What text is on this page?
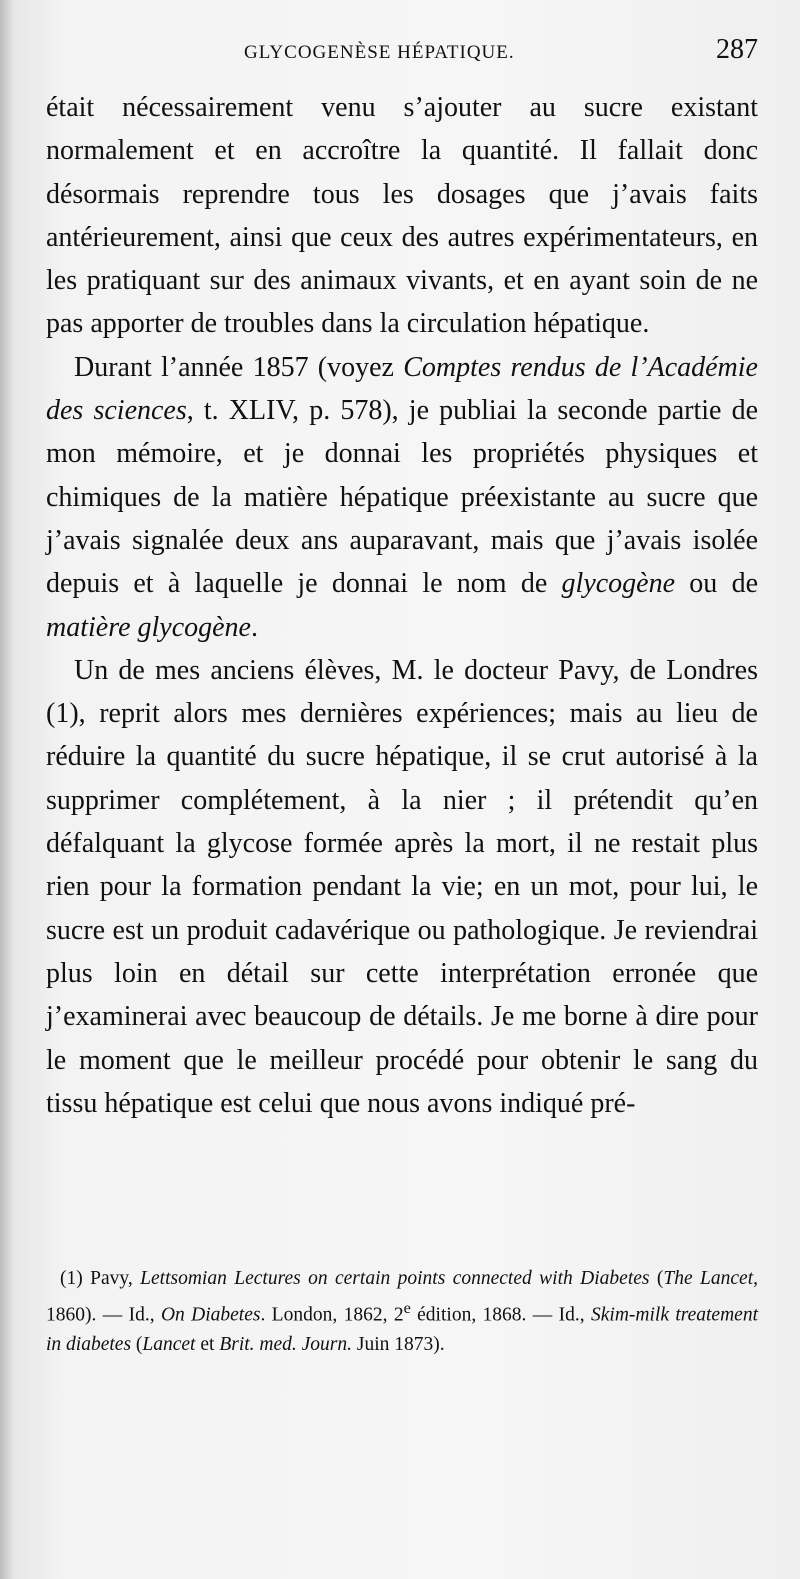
GLYCOGENÈSE HÉPATIQUE.	287

était nécessairement venu s’ajouter au sucre existant normalement et en accroître la quantité. Il fallait donc désormais reprendre tous les dosages que j’avais faits antérieurement, ainsi que ceux des autres expérimentateurs, en les pratiquant sur des animaux vivants, et en ayant soin de ne pas apporter de troubles dans la circulation hépatique.

Durant l’année 1857 (voyez Comptes rendus de l’Académie des sciences, t. XLIV, p. 578), je publiai la seconde partie de mon mémoire, et je donnai les propriétés physiques et chimiques de la matière hépatique préexistante au sucre que j’avais signalée deux ans auparavant, mais que j’avais isolée depuis et à laquelle je donnai le nom de glycogène ou de matière glycogène.

Un de mes anciens élèves, M. le docteur Pavy, de Londres (1), reprit alors mes dernières expériences; mais au lieu de réduire la quantité du sucre hépatique, il se crut autorisé à la supprimer complétement, à la nier ; il prétendit qu’en défalquant la glycose formée après la mort, il ne restait plus rien pour la formation pendant la vie; en un mot, pour lui, le sucre est un produit cadavérique ou pathologique. Je reviendrai plus loin en détail sur cette interprétation erronée que j’examinerai avec beaucoup de détails. Je me borne à dire pour le moment que le meilleur procédé pour obtenir le sang du tissu hépatique est celui que nous avons indiqué pré-

(1) Pavy, Lettsomian Lectures on certain points connected with Diabetes (The Lancet, 1860). — Id., On Diabetes. London, 1862, 2e édition, 1868. — Id., Skim-milk treatement in diabetes (Lancet et Brit. med. Journ. Juin 1873).
